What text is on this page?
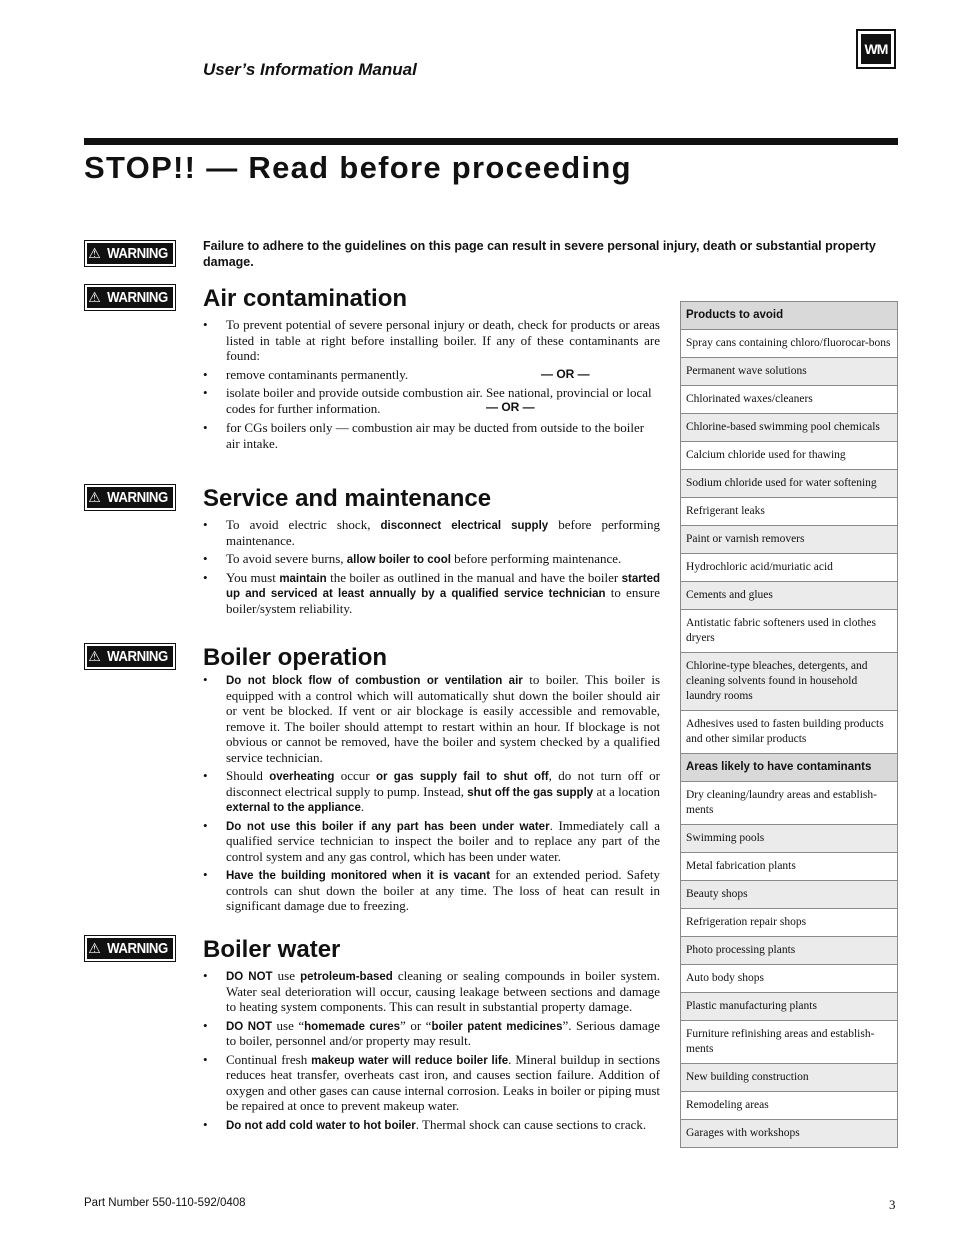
WM
User’s Information Manual
STOP!! — Read before proceeding
⚠ WARNING
⚠ WARNING
⚠ WARNING
⚠ WARNING
⚠ WARNING
Failure to adhere to the guidelines on this page can result in severe personal injury, death or substantial property damage.
Air contamination
• To prevent potential of severe personal injury or death, check for products or areas listed in table at right before installing boiler. If any of these contaminants are found:
• remove contaminants permanently.	— OR —
• isolate boiler and provide outside combustion air. See national, provincial or local codes for further information.	— OR —
• for CGs boilers only — combustion air may be ducted from outside to the boiler air intake.
Service and maintenance
• To avoid electric shock, disconnect electrical supply before performing maintenance.
• To avoid severe burns, allow boiler to cool before performing maintenance.
• You must maintain the boiler as outlined in the manual and have the boiler started up and serviced at least annually by a qualified service technician to ensure boiler/system reliability.
Boiler operation
• Do not block flow of combustion or ventilation air to boiler. This boiler is equipped with a control which will automatically shut down the boiler should air or vent be blocked. If vent or air blockage is easily accessible and removable, remove it. The boiler should attempt to restart within an hour. If blockage is not obvious or cannot be removed, have the boiler and system checked by a qualified service technician.
• Should overheating occur or gas supply fail to shut off, do not turn off or disconnect electrical supply to pump. Instead, shut off the gas supply at a location external to the appliance.
• Do not use this boiler if any part has been under water. Immediately call a qualified service technician to inspect the boiler and to replace any part of the control system and any gas control, which has been under water.
• Have the building monitored when it is vacant for an extended period. Safety controls can shut down the boiler at any time. The loss of heat can result in significant damage due to freezing.
Boiler water
• DO NOT use petroleum-based cleaning or sealing compounds in boiler system. Water seal deterioration will occur, causing leakage between sections and damage to heating system components. This can result in substantial property damage.
• DO NOT use “homemade cures” or “boiler patent medicines”. Serious damage to boiler, personnel and/or property may result.
• Continual fresh makeup water will reduce boiler life. Mineral buildup in sections reduces heat transfer, overheats cast iron, and causes section failure. Addition of oxygen and other gases can cause internal corrosion. Leaks in boiler or piping must be repaired at once to prevent makeup water.
• Do not add cold water to hot boiler. Thermal shock can cause sections to crack.
Products to avoid
Spray cans containing chloro/fluorocar-bons
Permanent wave solutions
Chlorinated waxes/cleaners
Chlorine-based swimming pool chemicals
Calcium chloride used for thawing
Sodium chloride used for water softening
Refrigerant leaks
Paint or varnish removers
Hydrochloric acid/muriatic acid
Cements and glues
Antistatic fabric softeners used in clothes dryers
Chlorine-type bleaches, detergents, and cleaning solvents found in household laundry rooms
Adhesives used to fasten building products and other similar products
Areas likely to have contaminants
Dry cleaning/laundry areas and establish-ments
Swimming pools
Metal fabrication plants
Beauty shops
Refrigeration repair shops
Photo processing plants
Auto body shops
Plastic manufacturing plants
Furniture refinishing areas and establish-ments
New building construction
Remodeling areas
Garages with workshops
Part Number 550-110-592/0408	3
